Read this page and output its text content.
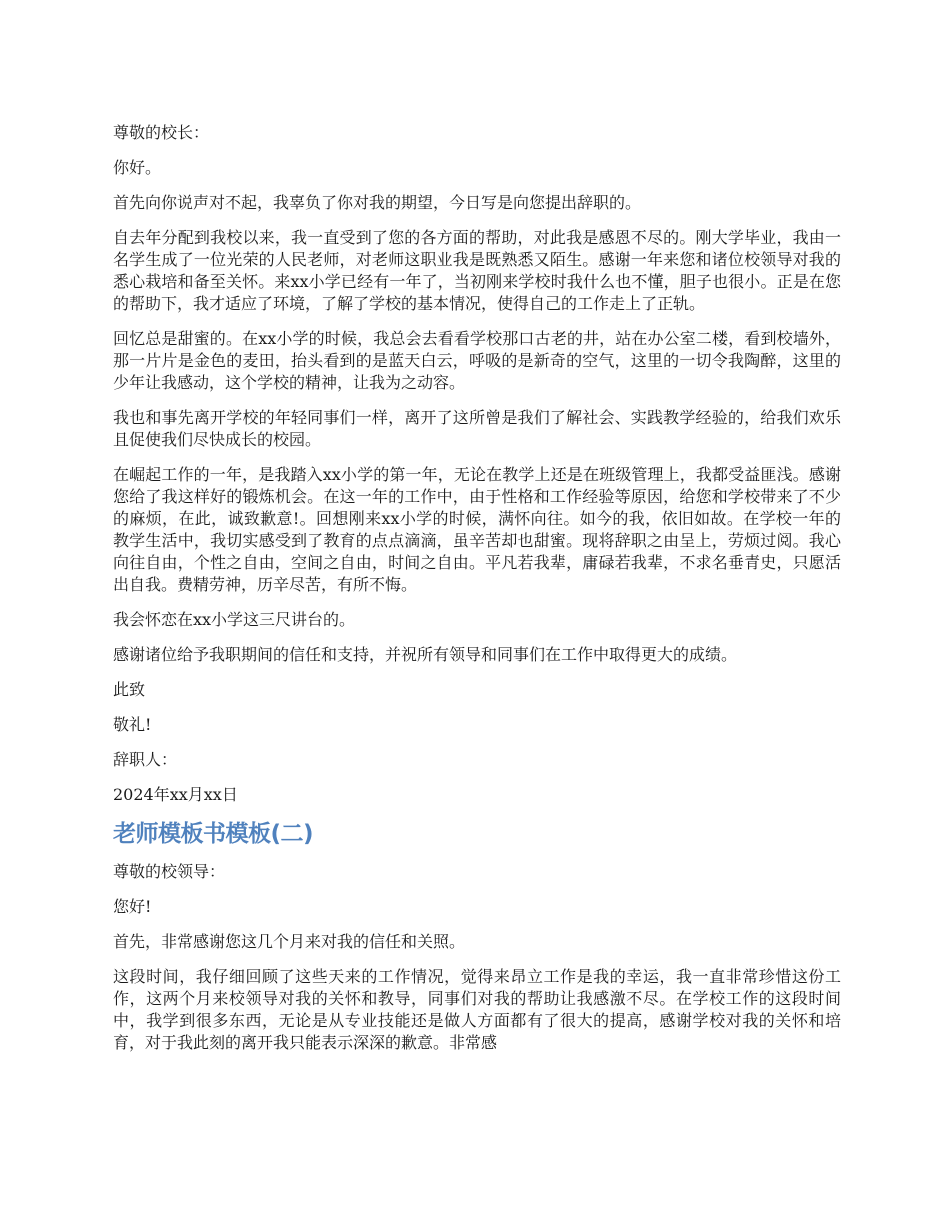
尊敬的校长：

你好。

首先向你说声对不起，我辜负了你对我的期望，今日写是向您提出辞职的。

自去年分配到我校以来，我一直受到了您的各方面的帮助，对此我是感恩不尽的。刚大学毕业，我由一名学生成了一位光荣的人民老师，对老师这职业我是既熟悉又陌生。感谢一年来您和诸位校领导对我的悉心栽培和备至关怀。来xx小学已经有一年了，当初刚来学校时我什么也不懂，胆子也很小。正是在您的帮助下，我才适应了环境，了解了学校的基本情况，使得自己的工作走上了正轨。

回忆总是甜蜜的。在xx小学的时候，我总会去看看学校那口古老的井，站在办公室二楼，看到校墙外，那一片片是金色的麦田，抬头看到的是蓝天白云，呼吸的是新奇的空气，这里的一切令我陶醉，这里的少年让我感动，这个学校的精神，让我为之动容。

我也和事先离开学校的年轻同事们一样，离开了这所曾是我们了解社会、实践教学经验的，给我们欢乐且促使我们尽快成长的校园。

在崛起工作的一年，是我踏入xx小学的第一年，无论在教学上还是在班级管理上，我都受益匪浅。感谢您给了我这样好的锻炼机会。在这一年的工作中，由于性格和工作经验等原因，给您和学校带来了不少的麻烦，在此，诚致歉意!。回想刚来xx小学的时候，满怀向往。如今的我，依旧如故。在学校一年的教学生活中，我切实感受到了教育的点点滴滴，虽辛苦却也甜蜜。现将辞职之由呈上，劳烦过阅。我心向往自由，个性之自由，空间之自由，时间之自由。平凡若我辈，庸碌若我辈，不求名垂青史，只愿活出自我。费精劳神，历辛尽苦，有所不悔。

我会怀恋在xx小学这三尺讲台的。

感谢诸位给予我职期间的信任和支持，并祝所有领导和同事们在工作中取得更大的成绩。

此致

敬礼!

辞职人：

2024年xx月xx日

老师模板书模板(二)

尊敬的校领导：

您好!

首先，非常感谢您这几个月来对我的信任和关照。

这段时间，我仔细回顾了这些天来的工作情况，觉得来昂立工作是我的幸运，我一直非常珍惜这份工作，这两个月来校领导对我的关怀和教导，同事们对我的帮助让我感激不尽。在学校工作的这段时间中，我学到很多东西，无论是从专业技能还是做人方面都有了很大的提高，感谢学校对我的关怀和培育，对于我此刻的离开我只能表示深深的歉意。非常感
